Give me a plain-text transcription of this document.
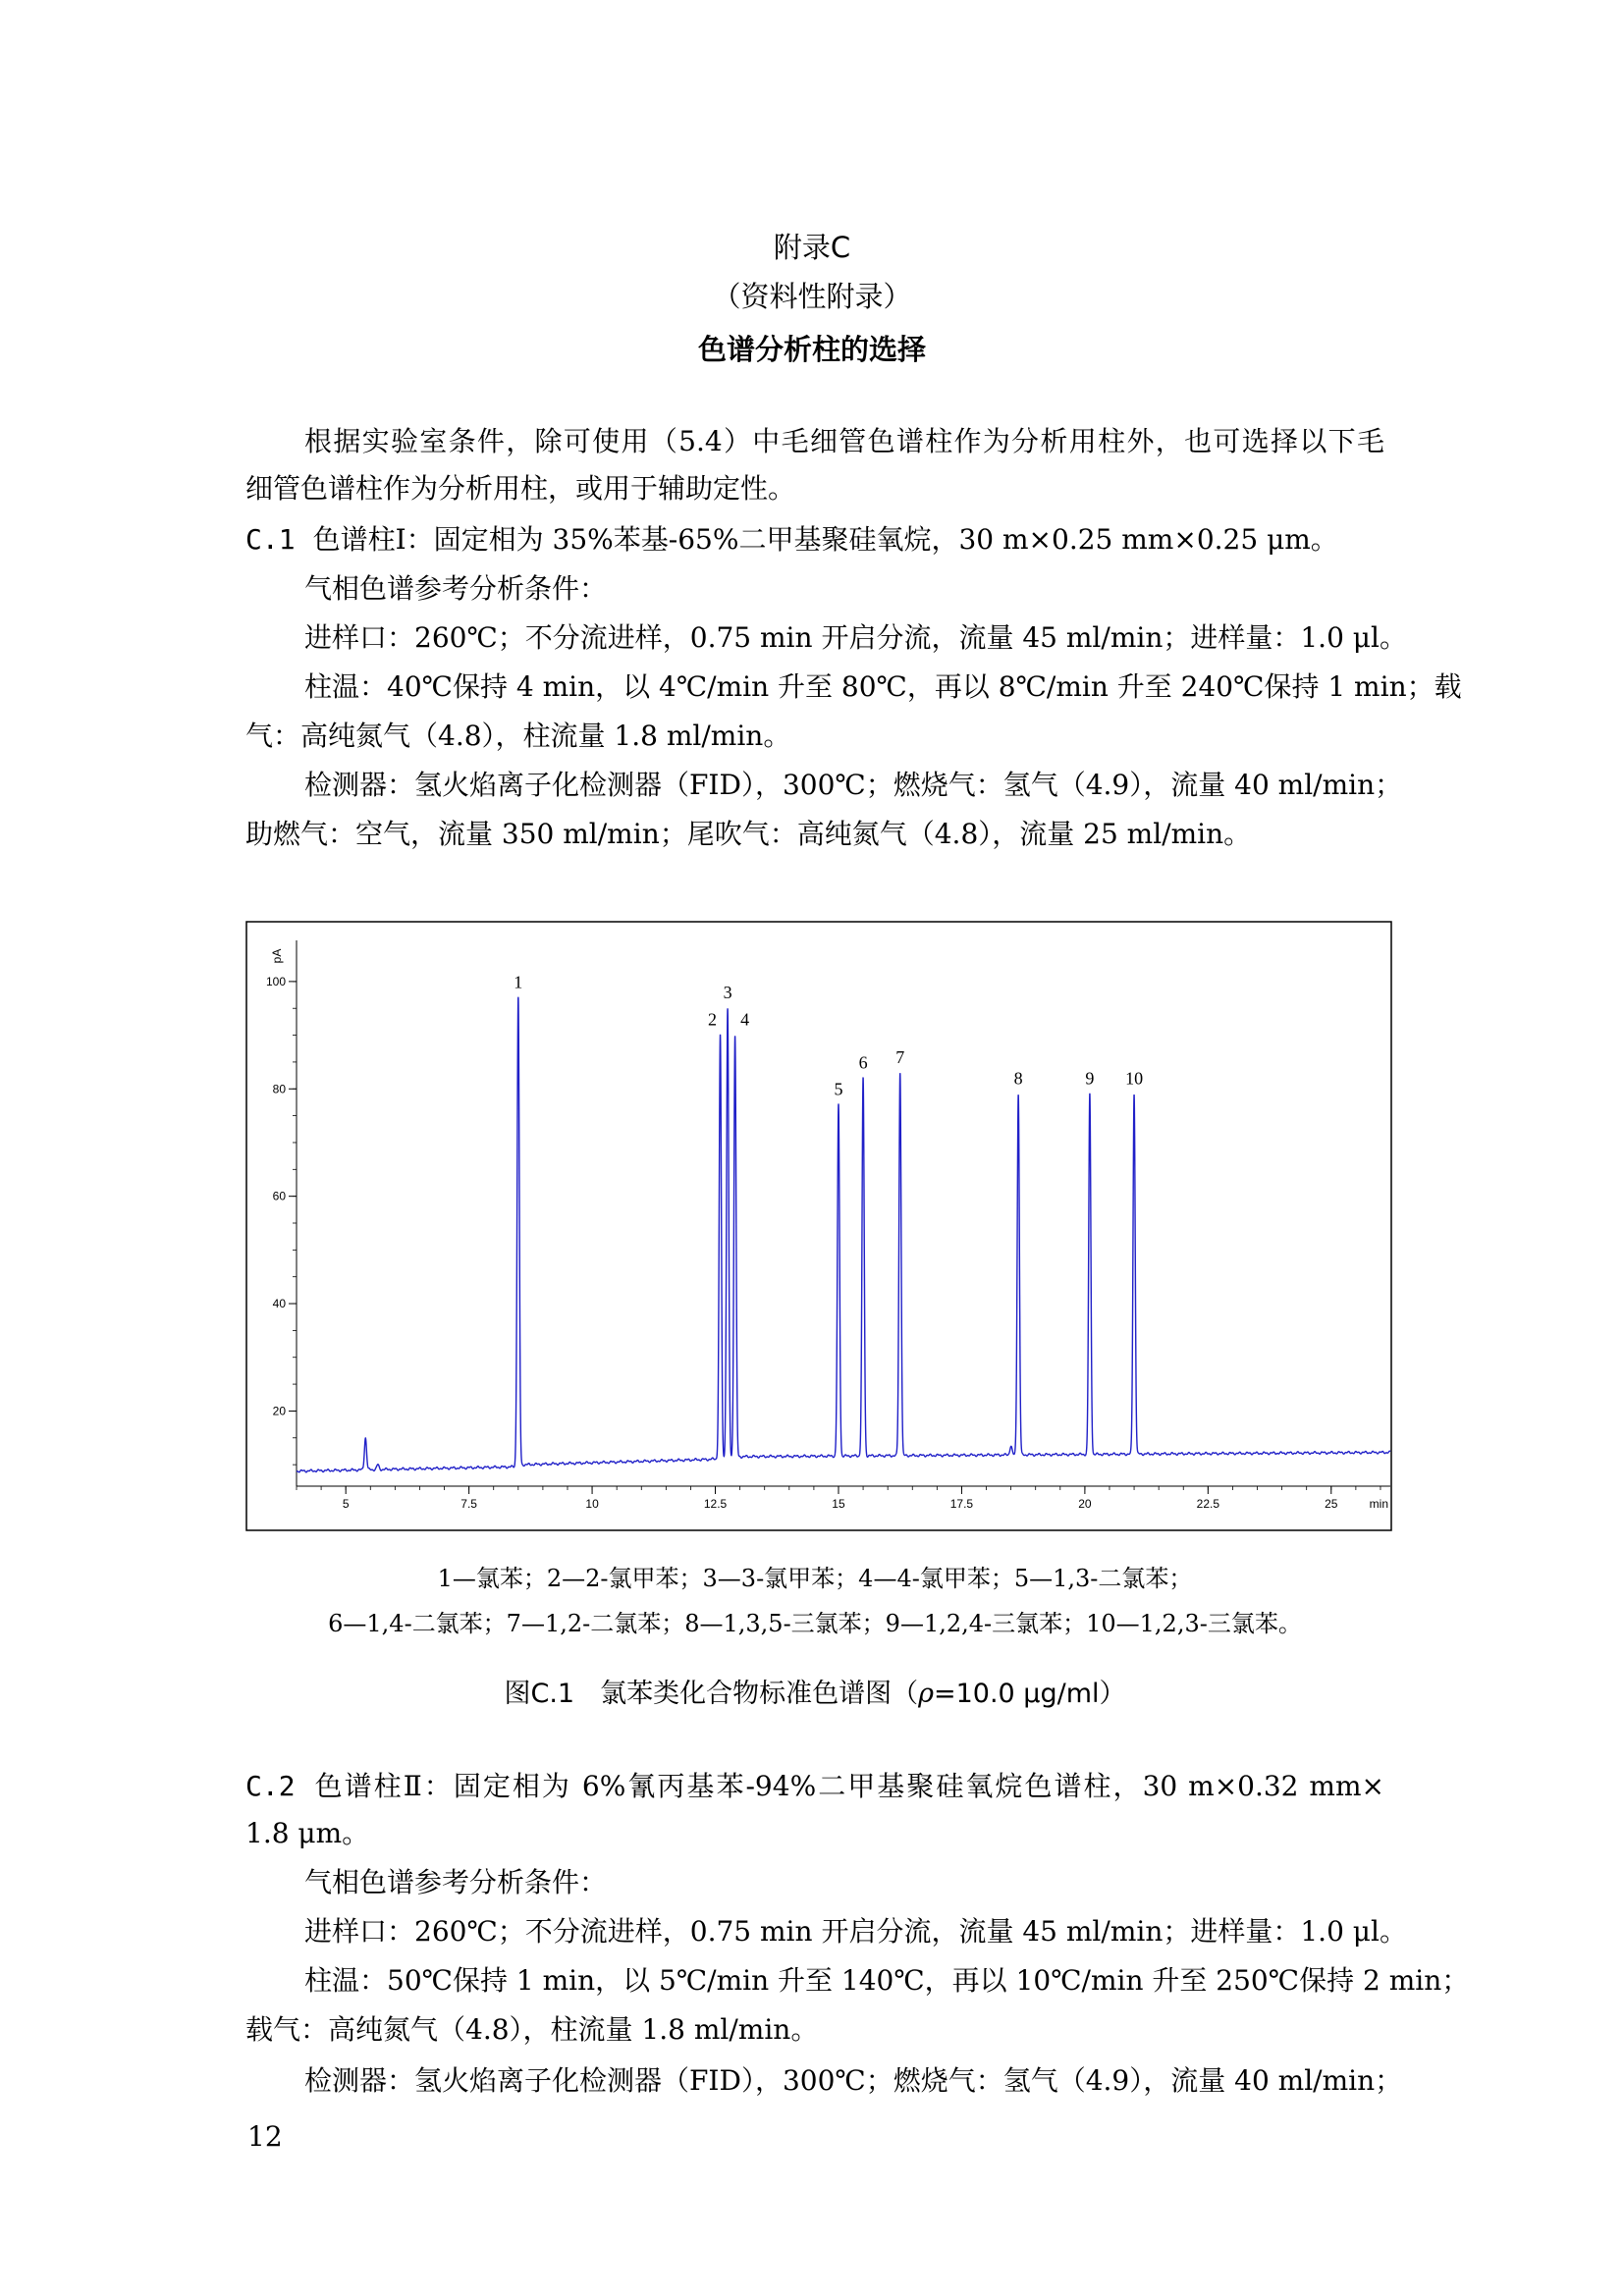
附录C
（资料性附录）
色谱分析柱的选择
根据实验室条件，除可使用（5.4）中毛细管色谱柱作为分析用柱外，也可选择以下毛
细管色谱柱作为分析用柱，或用于辅助定性。
C.1 色谱柱Ⅰ：固定相为 35%苯基-65%二甲基聚硅氧烷，30 m×0.25 mm×0.25 μm。
气相色谱参考分析条件：
进样口：260℃；不分流进样，0.75 min 开启分流，流量 45 ml/min；进样量：1.0 μl。
柱温：40℃保持 4 min，以 4℃/min 升至 80℃，再以 8℃/min 升至 240℃保持 1 min；载
气：高纯氮气（4.8），柱流量 1.8 ml/min。
检测器：氢火焰离子化检测器（FID），300℃；燃烧气：氢气（4.9），流量 40 ml/min；
助燃气：空气，流量 350 ml/min；尾吹气：高纯氮气（4.8），流量 25 ml/min。
5	7.5	10	12.5	15	17.5	20	22.5	25	min
20
40
60
80
100
pA
1
2
3
4
5
6 7
8	9 10
1—氯苯；2—2-氯甲苯；3—3-氯甲苯；4—4-氯甲苯；5—1,3-二氯苯；
6—1,4-二氯苯；7—1,2-二氯苯；8—1,3,5-三氯苯；9—1,2,4-三氯苯；10—1,2,3-三氯苯。
图C.1 氯苯类化合物标准色谱图（ρ=10.0 μg/ml）
C.2 色谱柱Ⅱ：固定相为 6%氰丙基苯-94%二甲基聚硅氧烷色谱柱，30 m×0.32 mm×
1.8 μm。
气相色谱参考分析条件：
进样口：260℃；不分流进样，0.75 min 开启分流，流量 45 ml/min；进样量：1.0 μl。
柱温：50℃保持 1 min，以 5℃/min 升至 140℃，再以 10℃/min 升至 250℃保持 2 min；
载气：高纯氮气（4.8），柱流量 1.8 ml/min。
检测器：氢火焰离子化检测器（FID），300℃；燃烧气：氢气（4.9），流量 40 ml/min；
12
